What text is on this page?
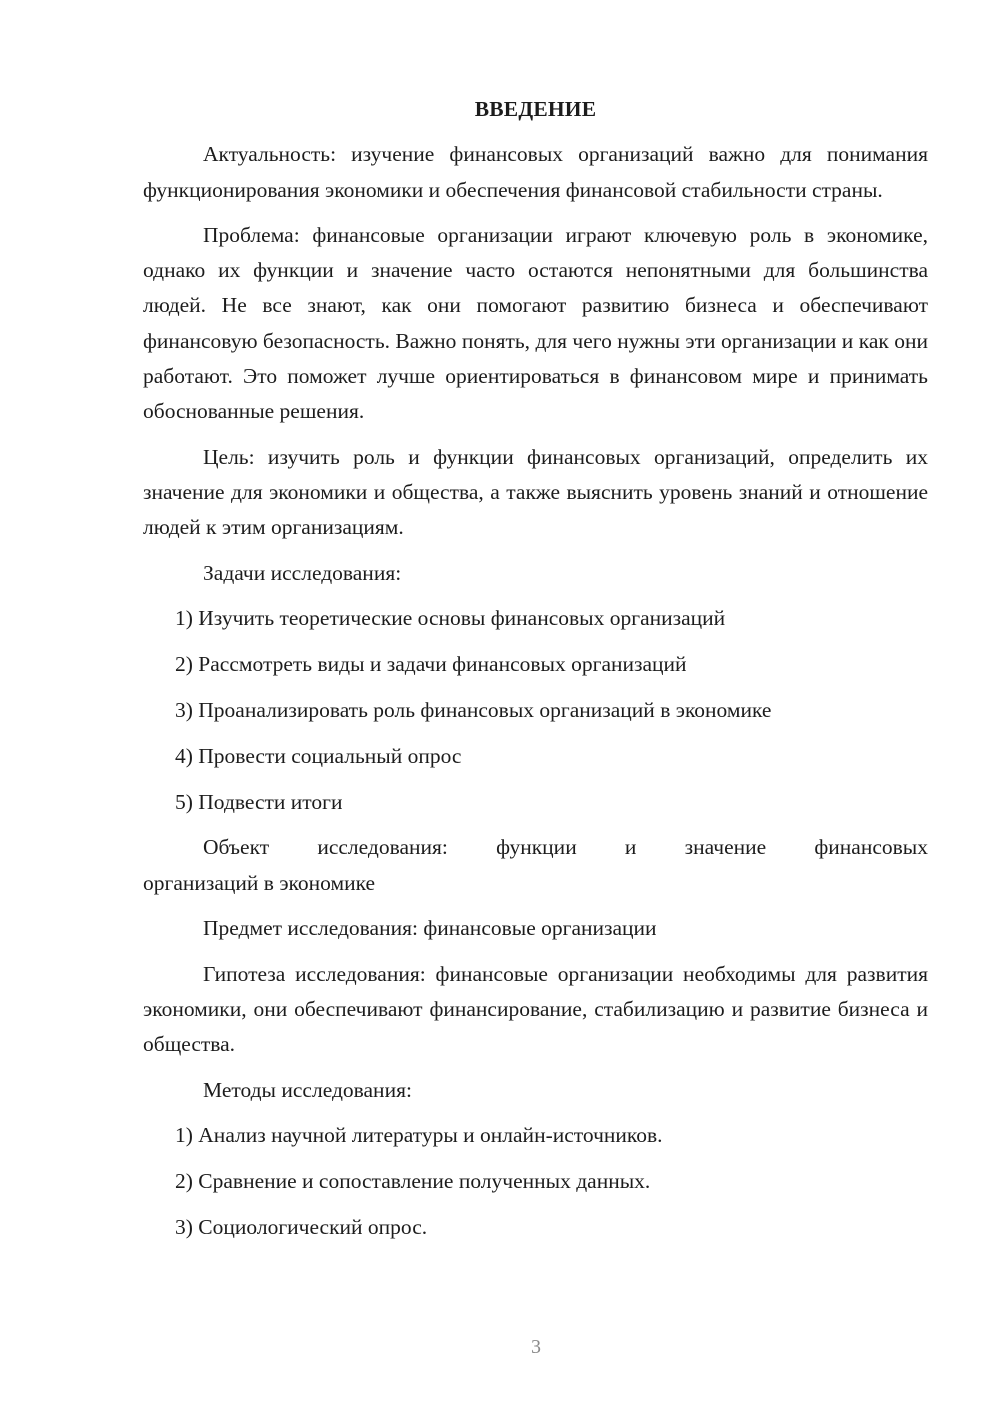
ВВЕДЕНИЕ

Актуальность: изучение финансовых организаций важно для понимания функционирования экономики и обеспечения финансовой стабильности страны.

Проблема: финансовые организации играют ключевую роль в экономике, однако их функции и значение часто остаются непонятными для большинства людей. Не все знают, как они помогают развитию бизнеса и обеспечивают финансовую безопасность. Важно понять, для чего нужны эти организации и как они работают. Это поможет лучше ориентироваться в финансовом мире и принимать обоснованные решения.

Цель: изучить роль и функции финансовых организаций, определить их значение для экономики и общества, а также выяснить уровень знаний и отношение людей к этим организациям.

Задачи исследования:

1) Изучить теоретические основы финансовых организаций

2) Рассмотреть виды и задачи финансовых организаций

3) Проанализировать роль финансовых организаций в экономике

4) Провести социальный опрос

5) Подвести итоги

Объект исследования: функции и значение финансовых

организаций в экономике

Предмет исследования: финансовые организации

Гипотеза исследования: финансовые организации необходимы для развития экономики, они обеспечивают финансирование, стабилизацию и развитие бизнеса и общества.

Методы исследования:

1) Анализ научной литературы и онлайн-источников.

2) Сравнение и сопоставление полученных данных.

3) Социологический опрос.

3
